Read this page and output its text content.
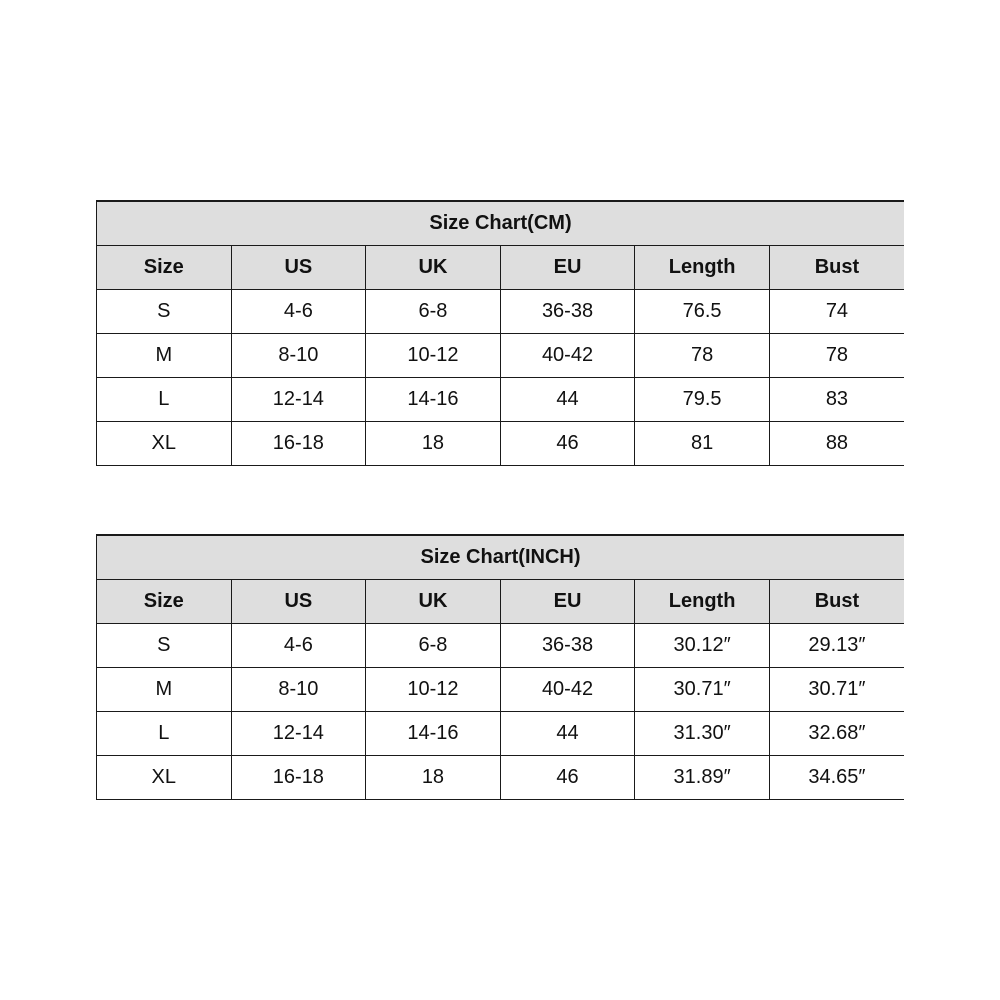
Size Chart(CM)					
Size	US	UK	EU	Length	Bust
S	4-6	6-8	36-38	76.5	74
M	8-10	10-12	40-42	78	78
L	12-14	14-16	44	79.5	83
XL	16-18	18	46	81	88
Size Chart(INCH)					
Size	US	UK	EU	Length	Bust
S	4-6	6-8	36-38	30.12″	29.13″
M	8-10	10-12	40-42	30.71″	30.71″
L	12-14	14-16	44	31.30″	32.68″
XL	16-18	18	46	31.89″	34.65″
